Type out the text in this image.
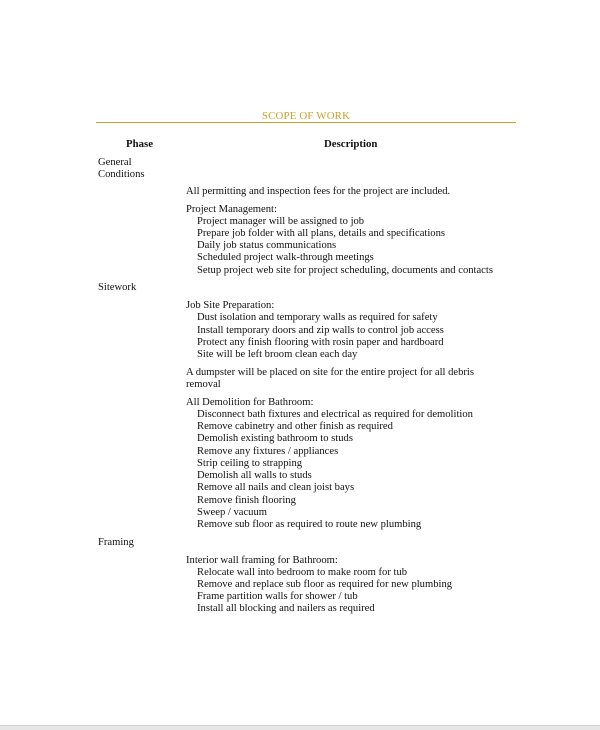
SCOPE OF WORK
Phase	Description
General
Conditions
All permitting and inspection fees for the project are included.
Project Management:
Project manager will be assigned to job
Prepare job folder with all plans, details and specifications
Daily job status communications
Scheduled project walk-through meetings
Setup project web site for project scheduling, documents and contacts
Sitework
Job Site Preparation:
Dust isolation and temporary walls as required for safety
Install temporary doors and zip walls to control job access
Protect any finish flooring with rosin paper and hardboard
Site will be left broom clean each day
A dumpster will be placed on site for the entire project for all debris removal
All Demolition for Bathroom:
Disconnect bath fixtures and electrical as required for demolition
Remove cabinetry and other finish as required
Demolish existing bathroom to studs
Remove any fixtures / appliances
Strip ceiling to strapping
Demolish all walls to studs
Remove all nails and clean joist bays
Remove finish flooring
Sweep / vacuum
Remove sub floor as required to route new plumbing
Framing
Interior wall framing for Bathroom:
Relocate wall into bedroom to make room for tub
Remove and replace sub floor as required for new plumbing
Frame partition walls for shower / tub
Install all blocking and nailers as required
